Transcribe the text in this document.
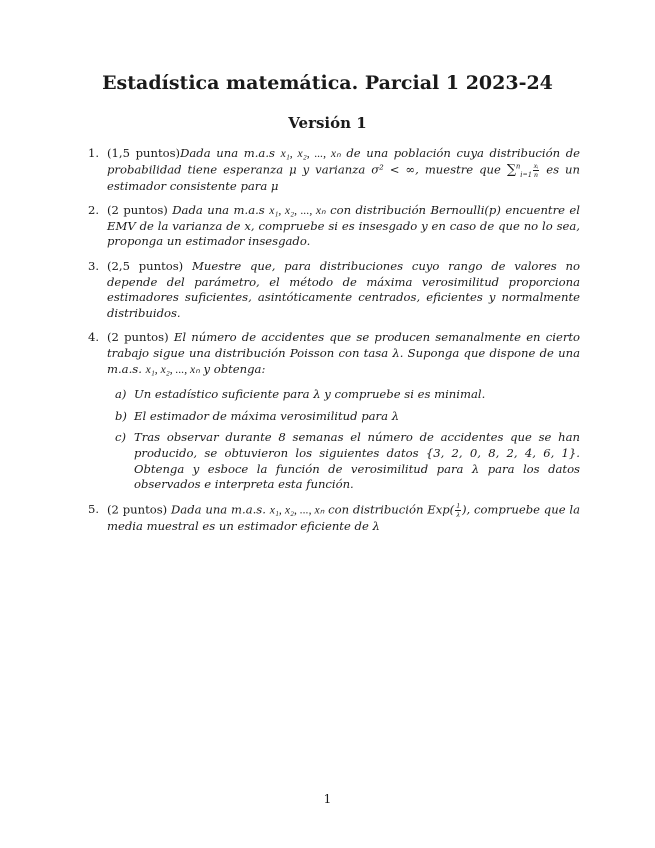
Estadística matemática. Parcial 1 2023-24
Versión 1
1. (1,5 puntos)Dada una m.a.s x₁, x₂, ..., xₙ de una población cuya distribución de probabilidad tiene esperanza μ y varianza σ² < ∞, muestre que $\sum^n_{i=1} \frac{\text{xᵢ}}{n}$ es un estimador consistente para μ
2. (2 puntos) Dada una m.a.s x₁, x₂, ..., xₙ con distribución Bernoulli(p) encuentre el EMV de la varianza de x, compruebe si es insesgado y en caso de que no lo sea, proponga un estimador insesgado.
3. (2,5 puntos) Muestre que, para distribuciones cuyo rango de valores no depende del parámetro, el método de máxima verosimilitud proporciona estimadores suficientes, asintóticamente centrados, eficientes y normalmente distribuidos.
4. (2 puntos) El número de accidentes que se producen semanalmente en cierto trabajo sigue una distribución Poisson con tasa λ. Suponga que dispone de una m.a.s. x₁, x₂, ..., xₙ y obtenga:
a) Un estadístico suficiente para λ y compruebe si es minimal.
b) El estimador de máxima verosimilitud para λ
c) Tras observar durante 8 semanas el número de accidentes que se han producido, se obtuvieron los siguientes datos {3, 2, 0, 8, 2, 4, 6, 1}. Obtenga y esboce la función de verosimilitud para λ para los datos observados e interpreta esta función.
5. (2 puntos) Dada una m.a.s. x₁, x₂, ..., xₙ con distribución $Exp( \frac{1}{\lambda}$ ), compruebe que la media muestral es un estimador eficiente de λ
1
